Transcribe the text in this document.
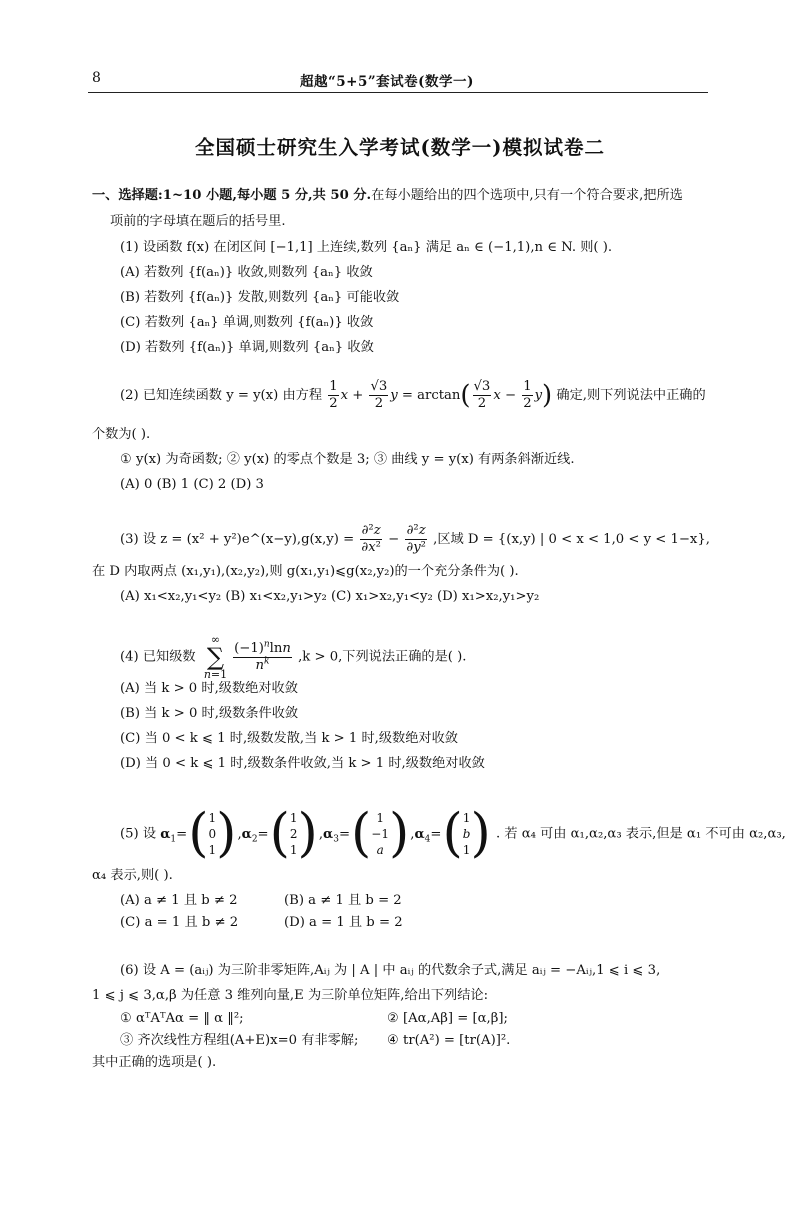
8	超越“5+5”套试卷(数学一)
全国硕士研究生入学考试(数学一)模拟试卷二
一、选择题:1~10 小题,每小题 5 分,共 50 分.在每小题给出的四个选项中,只有一个符合要求,把所选
项前的字母填在题后的括号里.
(1) 设函数 f(x) 在闭区间 [−1,1] 上连续,数列 {aₙ} 满足 aₙ ∈ (−1,1),n ∈ N. 则( ).
(A) 若数列 {f(aₙ)} 收敛,则数列 {aₙ} 收敛
(B) 若数列 {f(aₙ)} 发散,则数列 {aₙ} 可能收敛
(C) 若数列 {aₙ} 单调,则数列 {f(aₙ)} 收敛
(D) 若数列 {f(aₙ)} 单调,则数列 {aₙ} 收敛
(2) 已知连续函数 y = y(x) 由方程 $\frac{1}{2}$ $x + \frac{√3}{2}$ $y = \arctan( \frac{√3}{2}$ $x - \frac{1}{2} y$) 确定,则下列说法中正确的
个数为( ).
① y(x) 为奇函数; ② y(x) 的零点个数是 3; ③ 曲线 y = y(x) 有两条斜渐近线.
(A) 0 (B) 1 (C) 2 (D) 3
(3) 设 z = (x² + y²)e^(x−y),g(x,y) = $\frac{\text{∂²z}}{\text{∂x²}} - \frac{\text{∂²z}}{\text{∂y²}}$ ,区域 D = {(x,y) | 0 < x < 1,0 < y < 1−x},
在 D 内取两点 (x₁,y₁),(x₂,y₂),则 g(x₁,y₁)⩽g(x₂,y₂)的一个充分条件为( ).
(A) x₁<x₂,y₁<y₂ (B) x₁<x₂,y₁>y₂ (C) x₁>x₂,y₁<y₂ (D) x₁>x₂,y₁>y₂
(4) 已知级数 ∞
∑
n=1
$\frac{(-1)^n\ln n}{n^k} ,k > 0$,下列说法正确的是( ).
(A) 当 k > 0 时,级数绝对收敛
(B) 当 k > 0 时,级数条件收敛
(C) 当 0 < k ⩽ 1 时,级数发散,当 k > 1 时,级数绝对收敛
(D) 当 0 < k ⩽ 1 时,级数条件收敛,当 k > 1 时,级数绝对收敛
(5) 设 $\alpha_1=(1$
0
$1),\alpha_2=(1$
2
$1),\alpha_3=$( 1
−1
a )$,\alpha_4=(1$
b
1) . 若 α₄ 可由 α₁,α₂,α₃ 表示,但是 α₁ 不可由 α₂,α₃,
α₄ 表示,则( ).
(A) a ≠ 1 且 b ≠ 2	(B) a ≠ 1 且 b = 2
(C) a = 1 且 b ≠ 2	(D) a = 1 且 b = 2
(6) 设 A = (aᵢⱼ) 为三阶非零矩阵,Aᵢⱼ 为 | A | 中 aᵢⱼ 的代数余子式,满足 aᵢⱼ = −Aᵢⱼ,1 ⩽ i ⩽ 3,
1 ⩽ j ⩽ 3,α,β 为任意 3 维列向量,E 为三阶单位矩阵,给出下列结论:
① αᵀAᵀAα = ‖ α ‖²;	② [Aα,Aβ] = [α,β];
③ 齐次线性方程组(A+E)x=0 有非零解; ④ tr(A²) = [tr(A)]².
其中正确的选项是( ).
